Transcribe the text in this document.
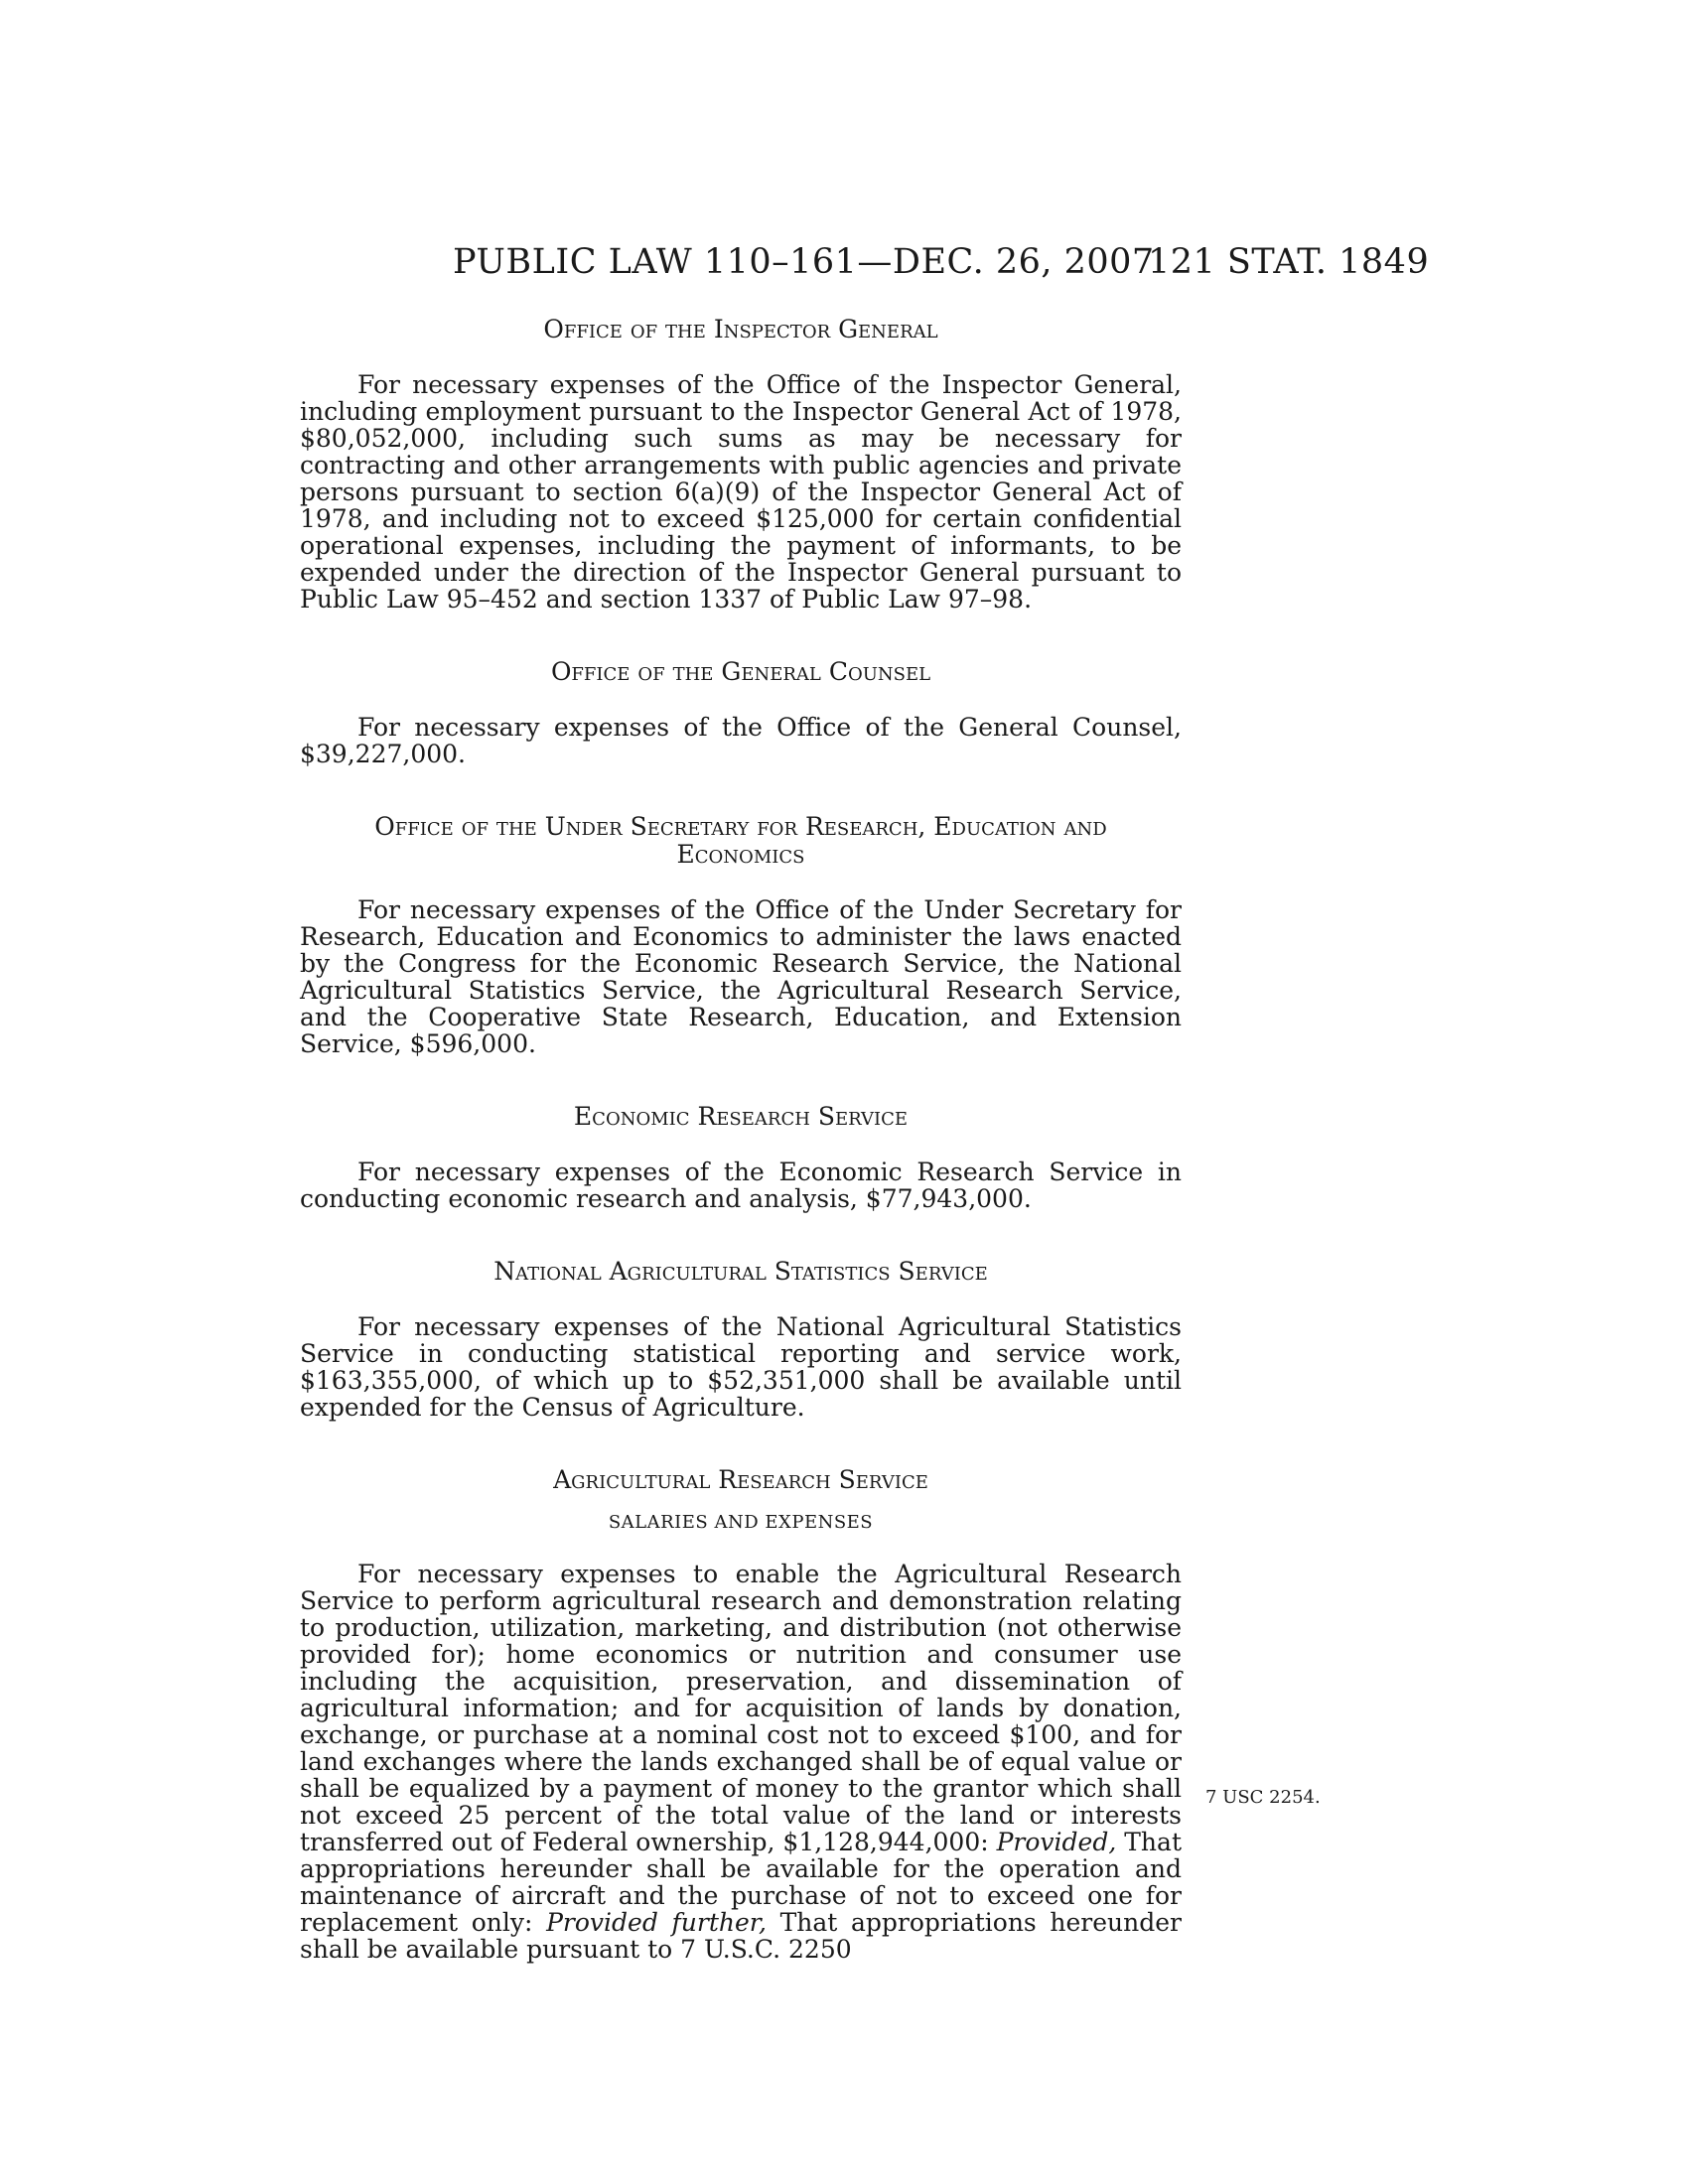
PUBLIC LAW 110–161—DEC. 26, 2007
121 STAT. 1849

Office of the Inspector General

For necessary expenses of the Office of the Inspector General, including employment pursuant to the Inspector General Act of 1978, $80,052,000, including such sums as may be necessary for contracting and other arrangements with public agencies and private persons pursuant to section 6(a)(9) of the Inspector General Act of 1978, and including not to exceed $125,000 for certain confidential operational expenses, including the payment of informants, to be expended under the direction of the Inspector General pursuant to Public Law 95–452 and section 1337 of Public Law 97–98.

Office of the General Counsel

For necessary expenses of the Office of the General Counsel, $39,227,000.

Office of the Under Secretary for Research, Education and Economics

For necessary expenses of the Office of the Under Secretary for Research, Education and Economics to administer the laws enacted by the Congress for the Economic Research Service, the National Agricultural Statistics Service, the Agricultural Research Service, and the Cooperative State Research, Education, and Extension Service, $596,000.

Economic Research Service

For necessary expenses of the Economic Research Service in conducting economic research and analysis, $77,943,000.

National Agricultural Statistics Service

For necessary expenses of the National Agricultural Statistics Service in conducting statistical reporting and service work, $163,355,000, of which up to $52,351,000 shall be available until expended for the Census of Agriculture.

Agricultural Research Service

SALARIES AND EXPENSES

For necessary expenses to enable the Agricultural Research Service to perform agricultural research and demonstration relating to production, utilization, marketing, and distribution (not otherwise provided for); home economics or nutrition and consumer use including the acquisition, preservation, and dissemination of agricultural information; and for acquisition of lands by donation, exchange, or purchase at a nominal cost not to exceed $100, and for land exchanges where the lands exchanged shall be of equal value or shall be equalized by a payment of money to the grantor which shall not exceed 25 percent of the total value of the land or interests transferred out of Federal ownership, $1,128,944,000: Provided, That appropriations hereunder shall be available for the operation and maintenance of aircraft and the purchase of not to exceed one for replacement only: Provided further, That appropriations hereunder shall be available pursuant to 7 U.S.C. 2250

7 USC 2254.
